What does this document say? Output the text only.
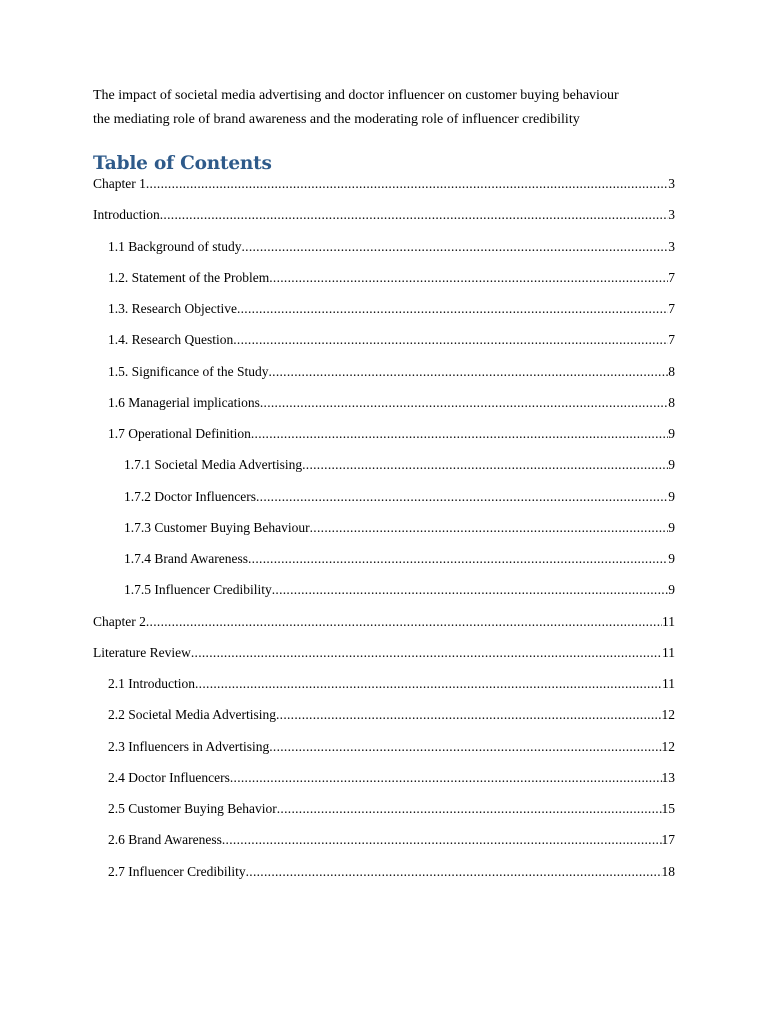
The impact of societal media advertising and doctor influencer on customer buying behaviour

the mediating role of brand awareness and the moderating role of influencer credibility

Table of Contents
Chapter 1 .....	3
Introduction .....	3
1.1 Background of study .....	3
1.2. Statement of the Problem .....	7
1.3. Research Objective .....	7
1.4. Research Question .....	7
1.5. Significance of the Study .....	8
1.6 Managerial implications .....	8
1.7 Operational Definition .....	9
1.7.1 Societal Media Advertising .....	9
1.7.2 Doctor Influencers .....	9
1.7.3 Customer Buying Behaviour .....	9
1.7.4 Brand Awareness .....	9
1.7.5 Influencer Credibility .....	9
Chapter 2 .....	11
Literature Review .....	11
2.1 Introduction .....	11
2.2 Societal Media Advertising .....	12
2.3 Influencers in Advertising .....	12
2.4 Doctor Influencers .....	13
2.5 Customer Buying Behavior .....	15
2.6 Brand Awareness .....	17
2.7 Influencer Credibility .....	18
